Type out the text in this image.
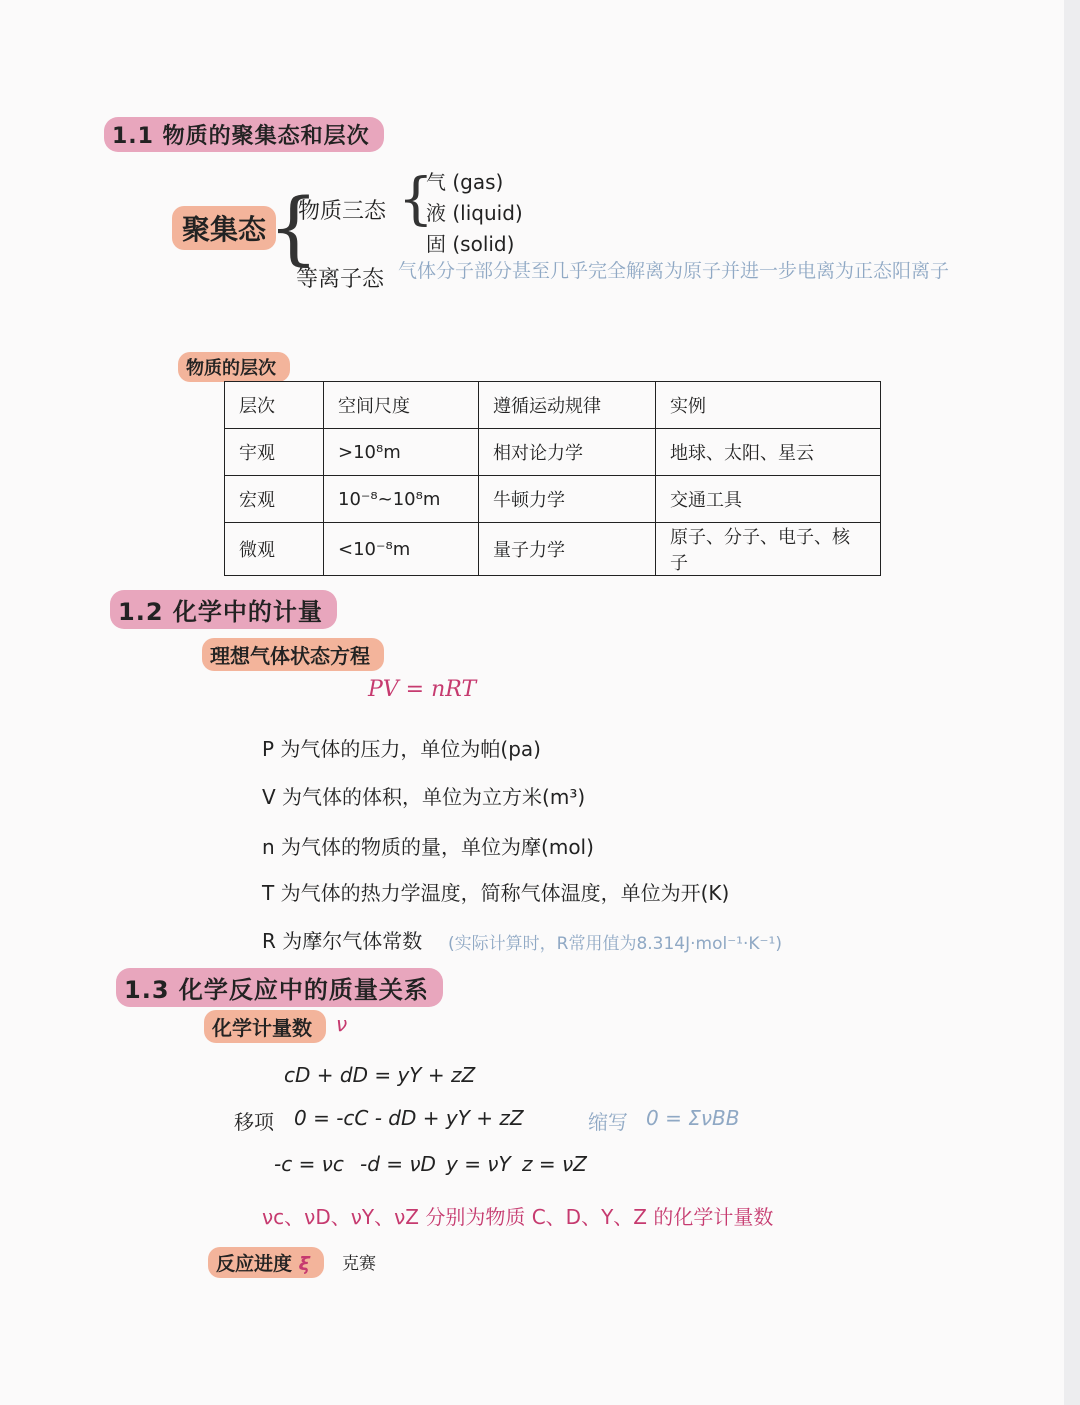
1.1 物质的聚集态和层次
聚集态 {
物质三态 {
气 (gas)
液 (liquid)
固 (solid)
等离子态 气体分子部分甚至几乎完全解离为原子并进一步电离为正态阳离子
物质的层次
层次	空间尺度	遵循运动规律	实例
宇观	>10⁸m	相对论力学	地球、太阳、星云
宏观	10⁻⁸~10⁸m	牛顿力学	交通工具
微观	<10⁻⁸m	量子力学	原子、分子、电子、核子
1.2 化学中的计量
理想气体状态方程
PV = nRT
P 为气体的压力，单位为帕(pa)
V 为气体的体积，单位为立方米(m³)
n 为气体的物质的量，单位为摩(mol)
T 为气体的热力学温度，简称气体温度，单位为开(K)
R 为摩尔气体常数 (实际计算时，R常用值为8.314J·mol⁻¹·K⁻¹)
1.3 化学反应中的质量关系
化学计量数	ν
cD + dD = yY + zZ
移项 0 = -cC - dD + yY + zZ	缩写 0 = ΣνBB
-c = νc -d = νD y = νY z = νZ
νc、νD、νY、νZ 分别为物质 C、D、Y、Z 的化学计量数
反应进度 ξ	克赛
